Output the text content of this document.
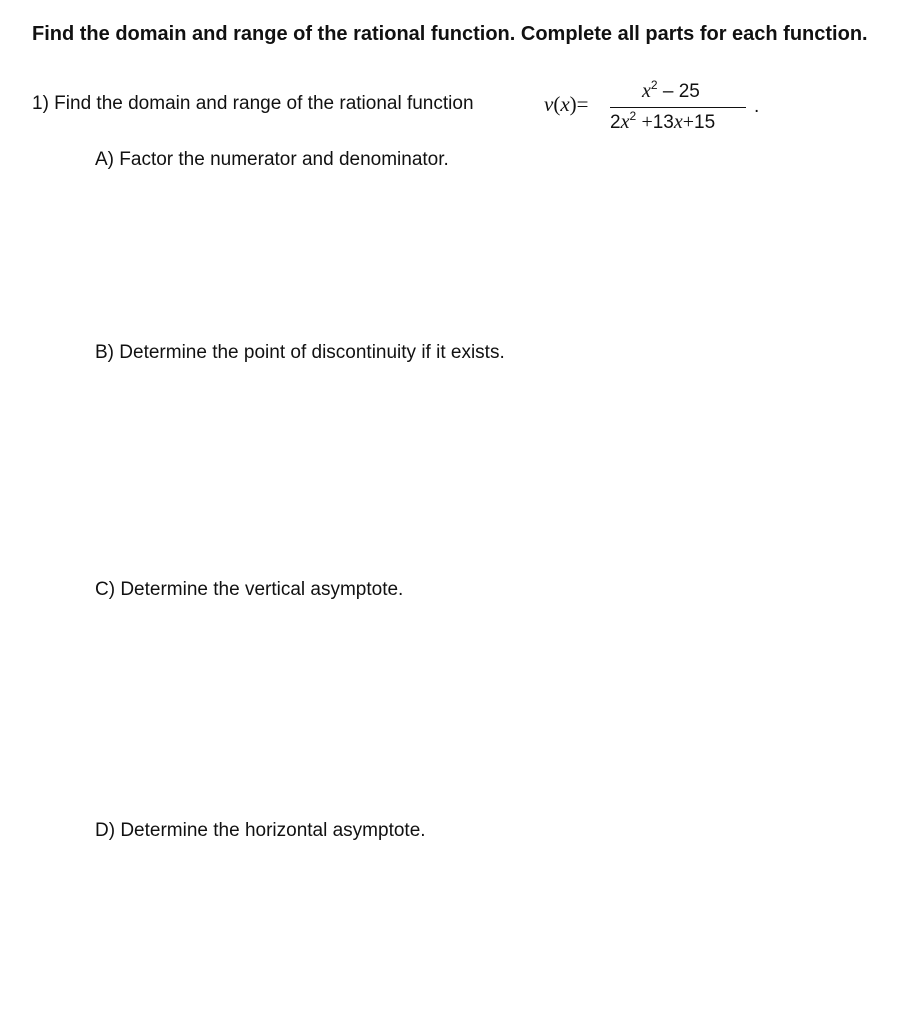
Find the domain and range of the rational function. Complete all parts for each function.
1) Find the domain and range of the rational function	v(x)=
$x^2 - 25$
$2x^2 +13x+15$
.
A) Factor the numerator and denominator.
B) Determine the point of discontinuity if it exists.
C) Determine the vertical asymptote.
D) Determine the horizontal asymptote.
